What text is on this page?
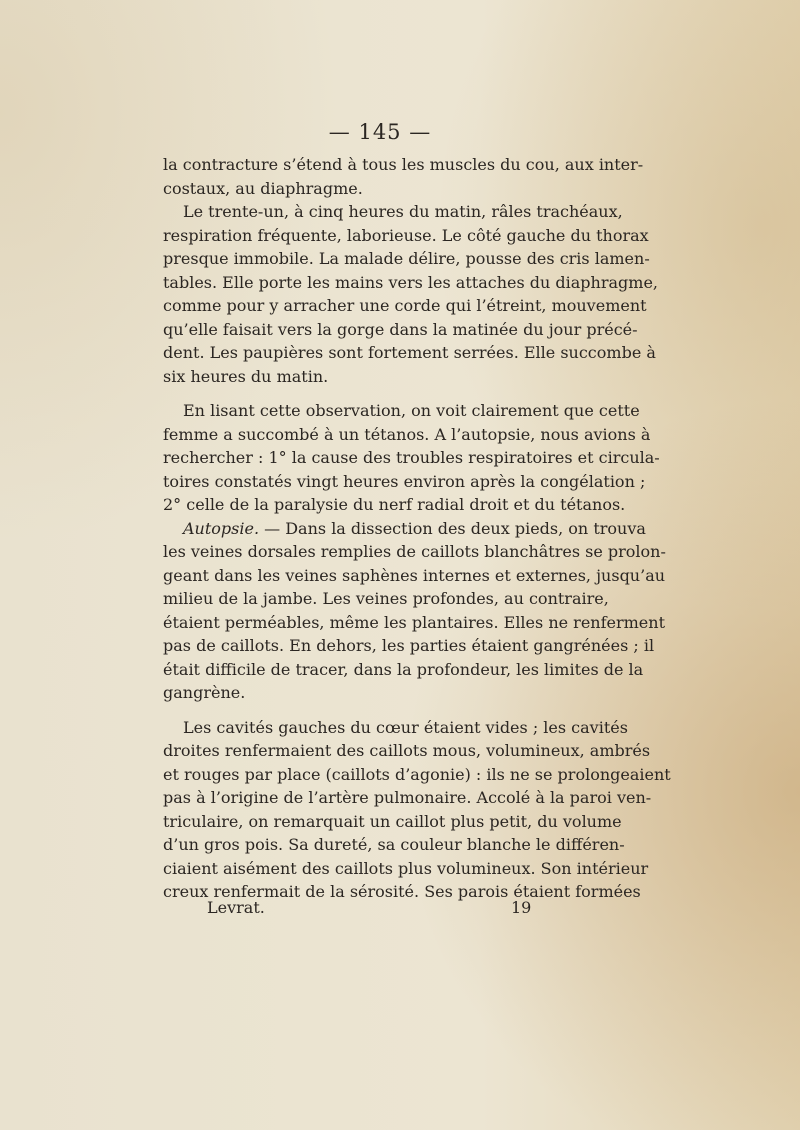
— 145 —

la contracture s’étend à tous les muscles du cou, aux inter-
costaux, au diaphragme.

Le trente-un, à cinq heures du matin, râles trachéaux,
respiration fréquente, laborieuse. Le côté gauche du thorax
presque immobile. La malade délire, pousse des cris lamen-
tables. Elle porte les mains vers les attaches du diaphragme,
comme pour y arracher une corde qui l’étreint, mouvement
qu’elle faisait vers la gorge dans la matinée du jour précé-
dent. Les paupières sont fortement serrées. Elle succombe à
six heures du matin.

En lisant cette observation, on voit clairement que cette
femme a succombé à un tétanos. A l’autopsie, nous avions à
rechercher : 1° la cause des troubles respiratoires et circula-
toires constatés vingt heures environ après la congélation ;
2° celle de la paralysie du nerf radial droit et du tétanos.

Autopsie. — Dans la dissection des deux pieds, on trouva
les veines dorsales remplies de caillots blanchâtres se prolon-
geant dans les veines saphènes internes et externes, jusqu’au
milieu de la jambe. Les veines profondes, au contraire,
étaient perméables, même les plantaires. Elles ne renferment
pas de caillots. En dehors, les parties étaient gangrénées ; il
était difficile de tracer, dans la profondeur, les limites de la
gangrène.

Les cavités gauches du cœur étaient vides ; les cavités
droites renfermaient des caillots mous, volumineux, ambrés
et rouges par place (caillots d’agonie) : ils ne se prolongeaient
pas à l’origine de l’artère pulmonaire. Accolé à la paroi ven-
triculaire, on remarquait un caillot plus petit, du volume
d’un gros pois. Sa dureté, sa couleur blanche le différen-
ciaient aisément des caillots plus volumineux. Son intérieur
creux renfermait de la sérosité. Ses parois étaient formées

Levrat.	19
